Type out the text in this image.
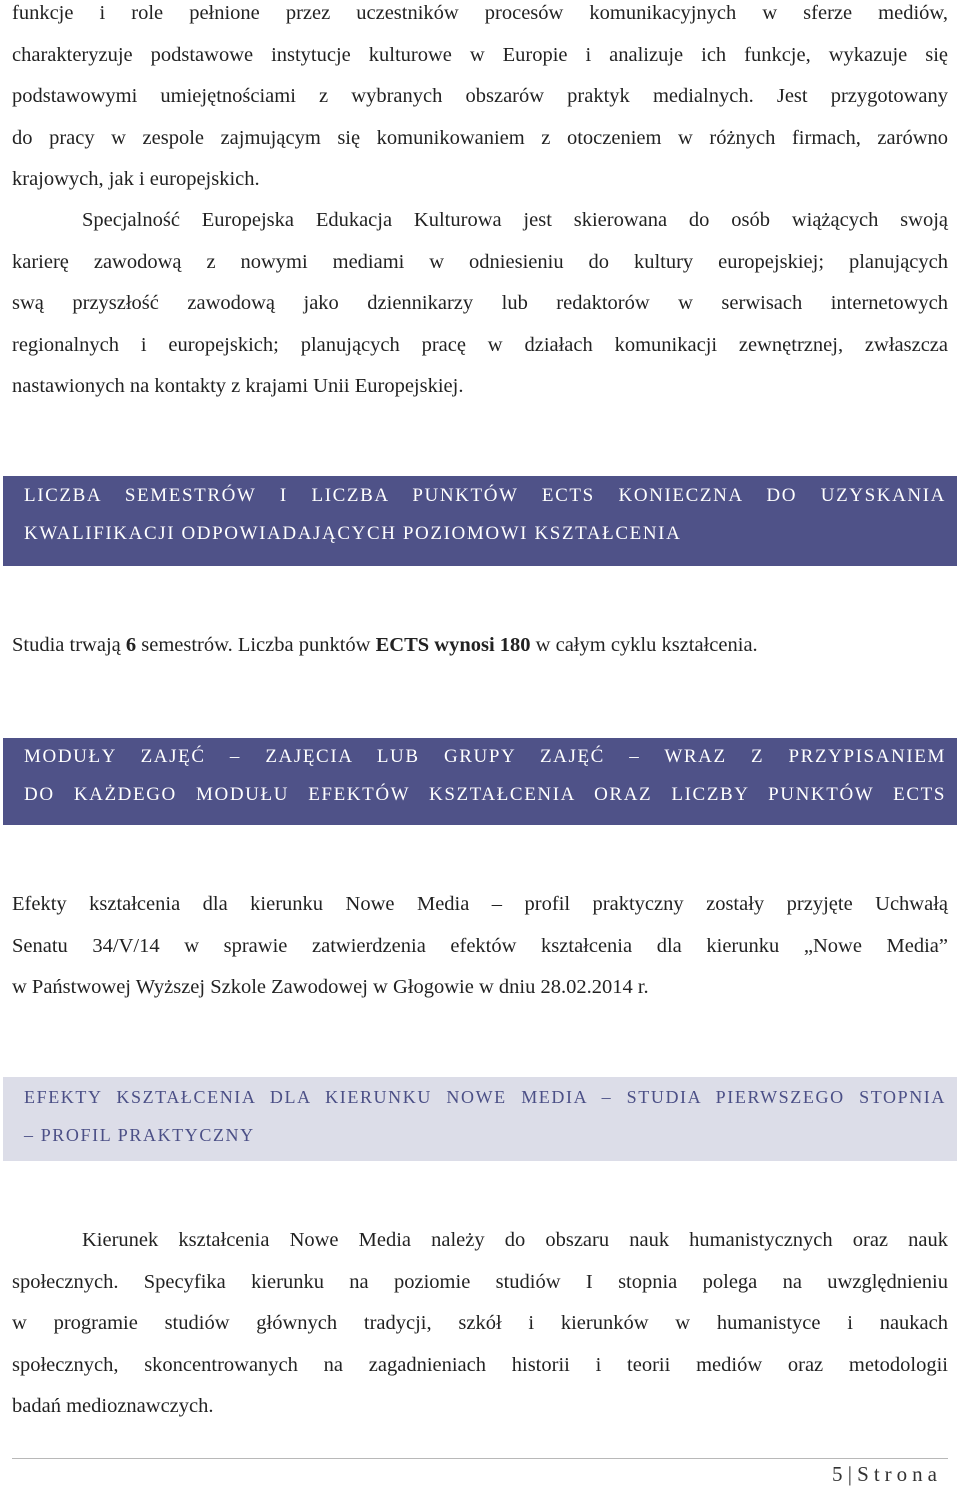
funkcje i role pełnione przez uczestników procesów komunikacyjnych w sferze mediów,
charakteryzuje podstawowe instytucje kulturowe w Europie i analizuje ich funkcje, wykazuje się
podstawowymi umiejętnościami z wybranych obszarów praktyk medialnych. Jest przygotowany
do pracy w zespole zajmującym się komunikowaniem z otoczeniem w różnych firmach, zarówno
krajowych, jak i europejskich.
Specjalność Europejska Edukacja Kulturowa jest skierowana do osób wiążących swoją
karierę zawodową z nowymi mediami w odniesieniu do kultury europejskiej; planujących
swą przyszłość zawodową jako dziennikarzy lub redaktorów w serwisach internetowych
regionalnych i europejskich; planujących pracę w działach komunikacji zewnętrznej, zwłaszcza
nastawionych na kontakty z krajami Unii Europejskiej.
LICZBA SEMESTRÓW I LICZBA PUNKTÓW ECTS KONIECZNA DO UZYSKANIA
KWALIFIKACJI ODPOWIADAJĄCYCH POZIOMOWI KSZTAŁCENIA
Studia trwają 6 semestrów. Liczba punktów ECTS wynosi 180 w całym cyklu kształcenia.
MODUŁY ZAJĘĆ – ZAJĘCIA LUB GRUPY ZAJĘĆ – WRAZ Z PRZYPISANIEM
DO KAŻDEGO MODUŁU EFEKTÓW KSZTAŁCENIA ORAZ LICZBY PUNKTÓW ECTS
Efekty kształcenia dla kierunku Nowe Media – profil praktyczny zostały przyjęte Uchwałą
Senatu 34/V/14 w sprawie zatwierdzenia efektów kształcenia dla kierunku „Nowe Media”
w Państwowej Wyższej Szkole Zawodowej w Głogowie w dniu 28.02.2014 r.
EFEKTY KSZTAŁCENIA DLA KIERUNKU NOWE MEDIA – STUDIA PIERWSZEGO STOPNIA
– PROFIL PRAKTYCZNY
Kierunek kształcenia Nowe Media należy do obszaru nauk humanistycznych oraz nauk
społecznych. Specyfika kierunku na poziomie studiów I stopnia polega na uwzględnieniu
w programie studiów głównych tradycji, szkół i kierunków w humanistyce i naukach
społecznych, skoncentrowanych na zagadnieniach historii i teorii mediów oraz metodologii
badań medioznawczych.
5 | Strona
